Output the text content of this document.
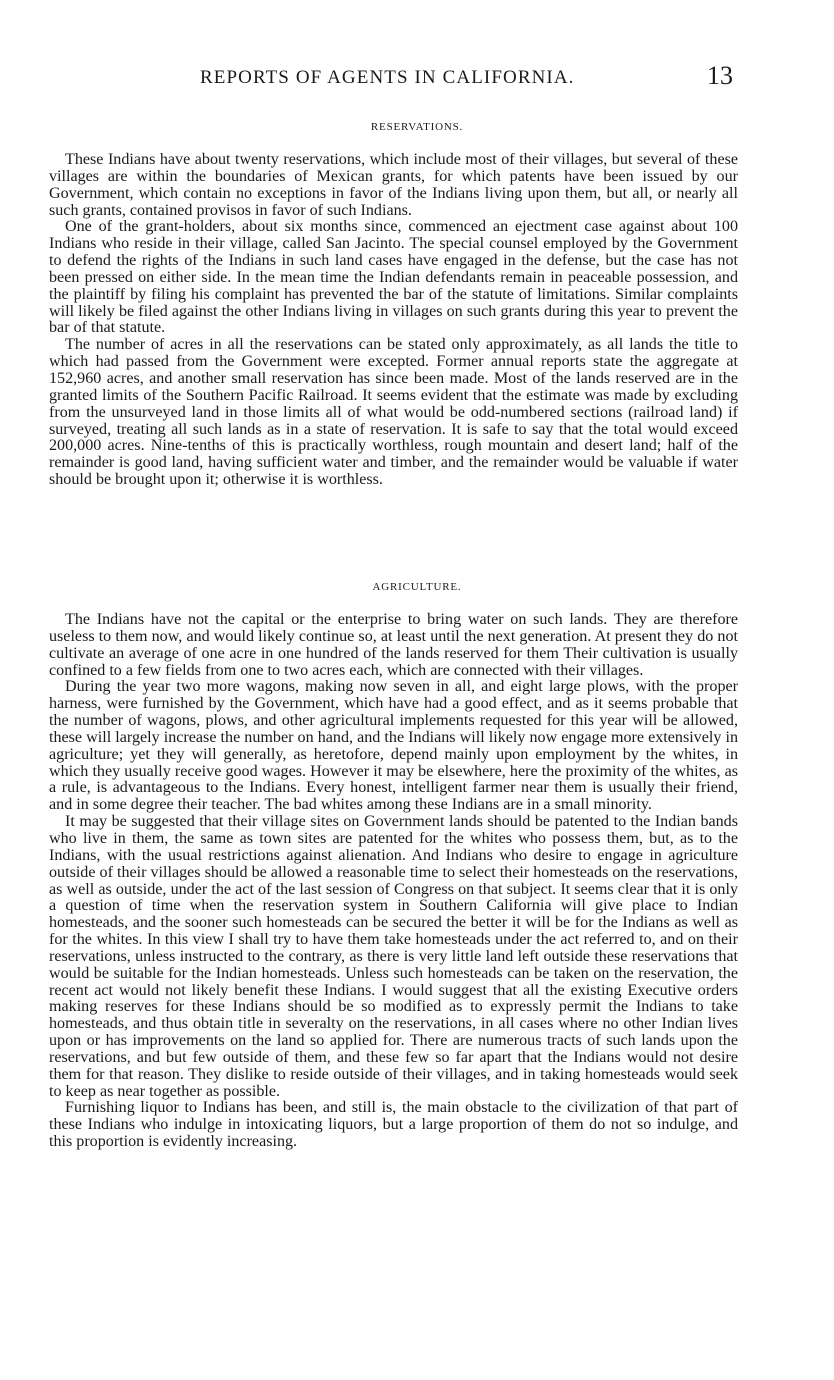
REPORTS OF AGENTS IN CALIFORNIA.	13
RESERVATIONS.

These Indians have about twenty reservations, which include most of their villages, but several of these villages are within the boundaries of Mexican grants, for which patents have been issued by our Government, which contain no exceptions in favor of the Indians living upon them, but all, or nearly all such grants, contained provisos in favor of such Indians.

One of the grant-holders, about six months since, commenced an ejectment case against about 100 Indians who reside in their village, called San Jacinto. The special counsel employed by the Government to defend the rights of the Indians in such land cases have engaged in the defense, but the case has not been pressed on either side. In the mean time the Indian defendants remain in peaceable possession, and the plaintiff by filing his complaint has prevented the bar of the statute of limitations. Similar complaints will likely be filed against the other Indians living in villages on such grants during this year to prevent the bar of that statute.

The number of acres in all the reservations can be stated only approximately, as all lands the title to which had passed from the Government were excepted. Former annual reports state the aggregate at 152,960 acres, and another small reservation has since been made. Most of the lands reserved are in the granted limits of the Southern Pacific Railroad. It seems evident that the estimate was made by excluding from the unsurveyed land in those limits all of what would be odd-numbered sections (railroad land) if surveyed, treating all such lands as in a state of reservation. It is safe to say that the total would exceed 200,000 acres. Nine-tenths of this is practically worthless, rough mountain and desert land; half of the remainder is good land, having sufficient water and timber, and the remainder would be valuable if water should be brought upon it; otherwise it is worthless.

AGRICULTURE.

The Indians have not the capital or the enterprise to bring water on such lands. They are therefore useless to them now, and would likely continue so, at least until the next generation. At present they do not cultivate an average of one acre in one hundred of the lands reserved for them Their cultivation is usually confined to a few fields from one to two acres each, which are connected with their villages.

During the year two more wagons, making now seven in all, and eight large plows, with the proper harness, were furnished by the Government, which have had a good effect, and as it seems probable that the number of wagons, plows, and other agricultural implements requested for this year will be allowed, these will largely increase the number on hand, and the Indians will likely now engage more extensively in agriculture; yet they will generally, as heretofore, depend mainly upon employment by the whites, in which they usually receive good wages. However it may be elsewhere, here the proximity of the whites, as a rule, is advantageous to the Indians. Every honest, intelligent farmer near them is usually their friend, and in some degree their teacher. The bad whites among these Indians are in a small minority.

It may be suggested that their village sites on Government lands should be patented to the Indian bands who live in them, the same as town sites are patented for the whites who possess them, but, as to the Indians, with the usual restrictions against alienation. And Indians who desire to engage in agriculture outside of their villages should be allowed a reasonable time to select their homesteads on the reservations, as well as outside, under the act of the last session of Congress on that subject. It seems clear that it is only a question of time when the reservation system in Southern California will give place to Indian homesteads, and the sooner such homesteads can be secured the better it will be for the Indians as well as for the whites. In this view I shall try to have them take homesteads under the act referred to, and on their reservations, unless instructed to the contrary, as there is very little land left outside these reservations that would be suitable for the Indian homesteads. Unless such homesteads can be taken on the reservation, the recent act would not likely benefit these Indians. I would suggest that all the existing Executive orders making reserves for these Indians should be so modified as to expressly permit the Indians to take homesteads, and thus obtain title in severalty on the reservations, in all cases where no other Indian lives upon or has improvements on the land so applied for. There are numerous tracts of such lands upon the reservations, and but few outside of them, and these few so far apart that the Indians would not desire them for that reason. They dislike to reside outside of their villages, and in taking homesteads would seek to keep as near together as possible.

Furnishing liquor to Indians has been, and still is, the main obstacle to the civilization of that part of these Indians who indulge in intoxicating liquors, but a large proportion of them do not so indulge, and this proportion is evidently increasing.
